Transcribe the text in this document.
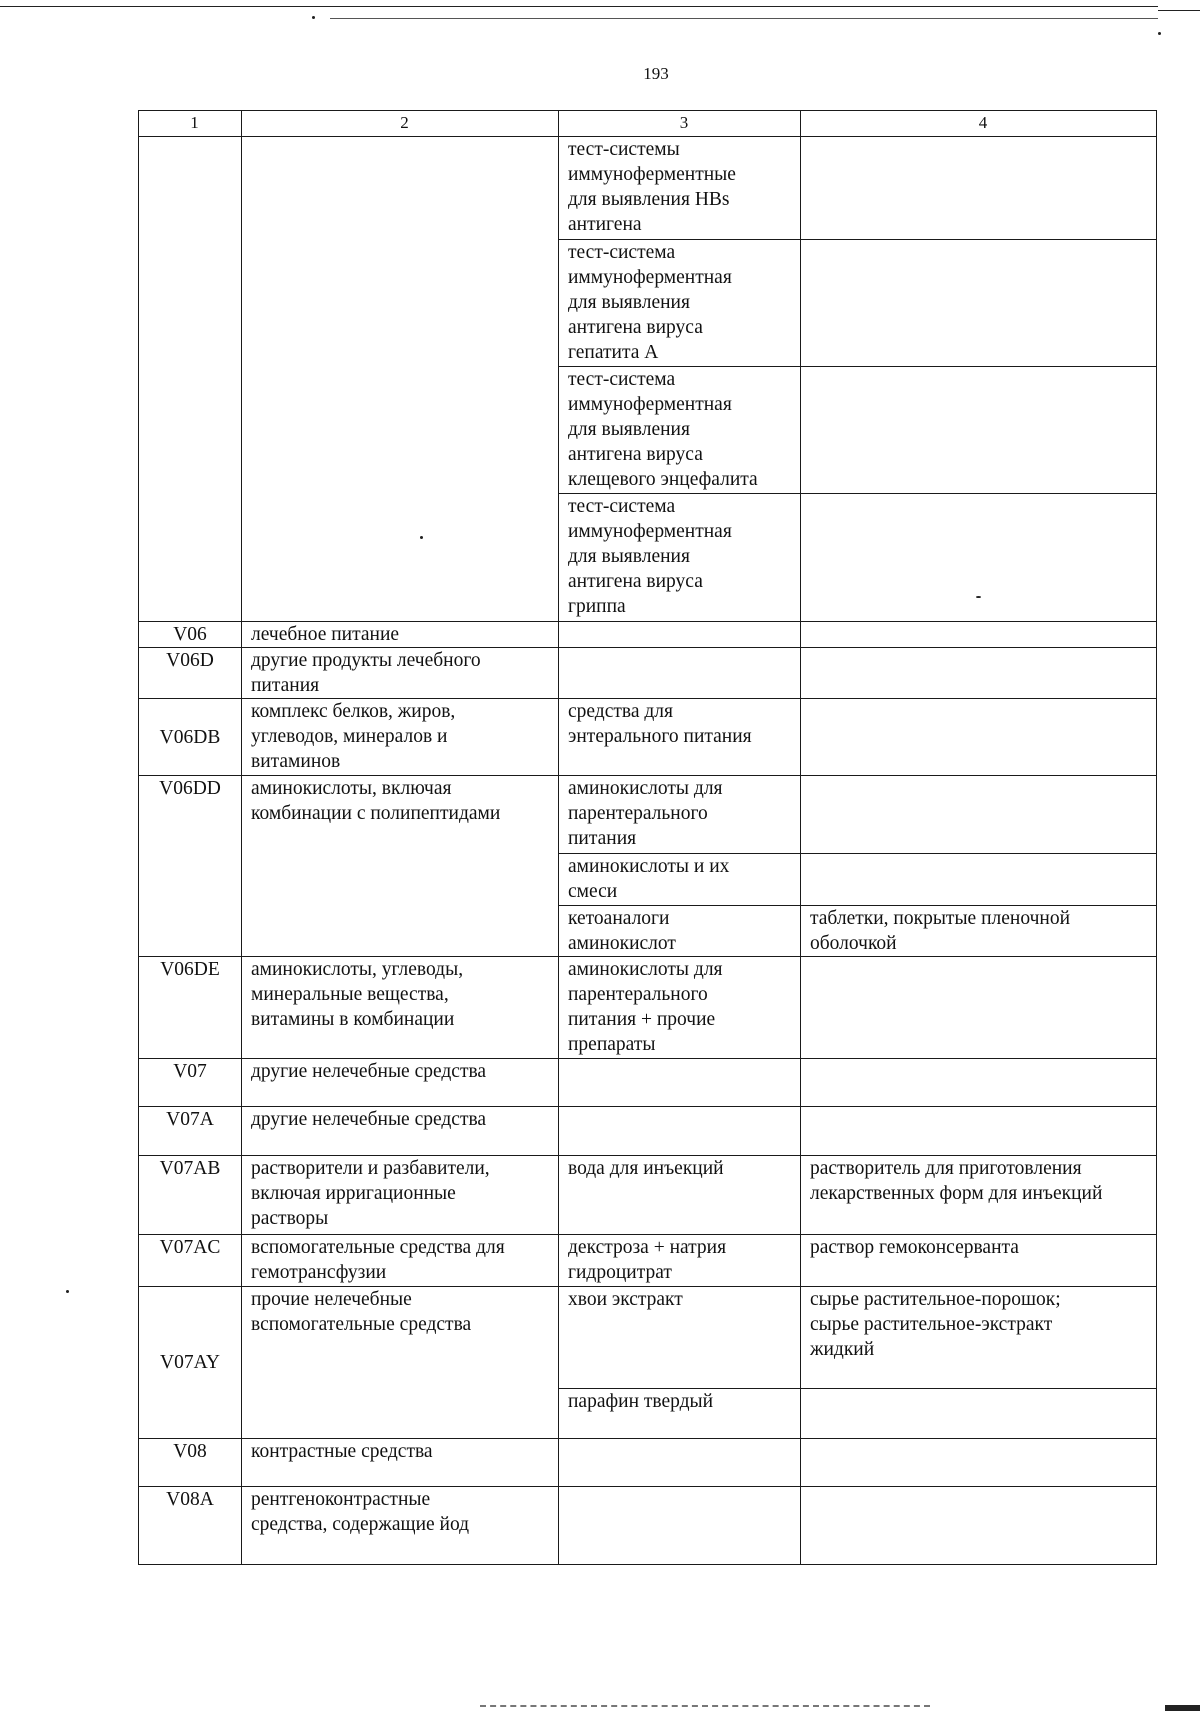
193
1	2	3	4
		тест-системы
иммуноферментные
для выявления HBs
антигена	
		тест-система
иммуноферментная
для выявления
антигена вируса
гепатита А	
		тест-система
иммуноферментная
для выявления
антигена вируса
клещевого энцефалита	
		тест-система
иммуноферментная
для выявления
антигена вируса
гриппа	
V06	лечебное питание		
V06D	другие продукты лечебного
питания		
V06DB	комплекс белков, жиров,
углеводов, минералов и
витаминов	средства для
энтерального питания	
V06DD	аминокислоты, включая
комбинации с полипептидами	аминокислоты для
парентерального
питания	
		аминокислоты и их
смеси	
		кетоаналоги
аминокислот	таблетки, покрытые пленочной
оболочкой
V06DE	аминокислоты, углеводы,
минеральные вещества,
витамины в комбинации	аминокислоты для
парентерального
питания + прочие
препараты	
V07	другие нелечебные средства		
V07A	другие нелечебные средства		
V07AB	растворители и разбавители,
включая ирригационные
растворы	вода для инъекций	растворитель для приготовления
лекарственных форм для инъекций
V07AC	вспомогательные средства для
гемотрансфузии	декстроза + натрия
гидроцитрат	раствор гемоконсерванта
V07AY	прочие нелечебные
вспомогательные средства	хвои экстракт	сырье растительное-порошок;
сырье растительное-экстракт
жидкий
		парафин твердый	
V08	контрастные средства		
V08A	рентгеноконтрастные
средства, содержащие йод		
